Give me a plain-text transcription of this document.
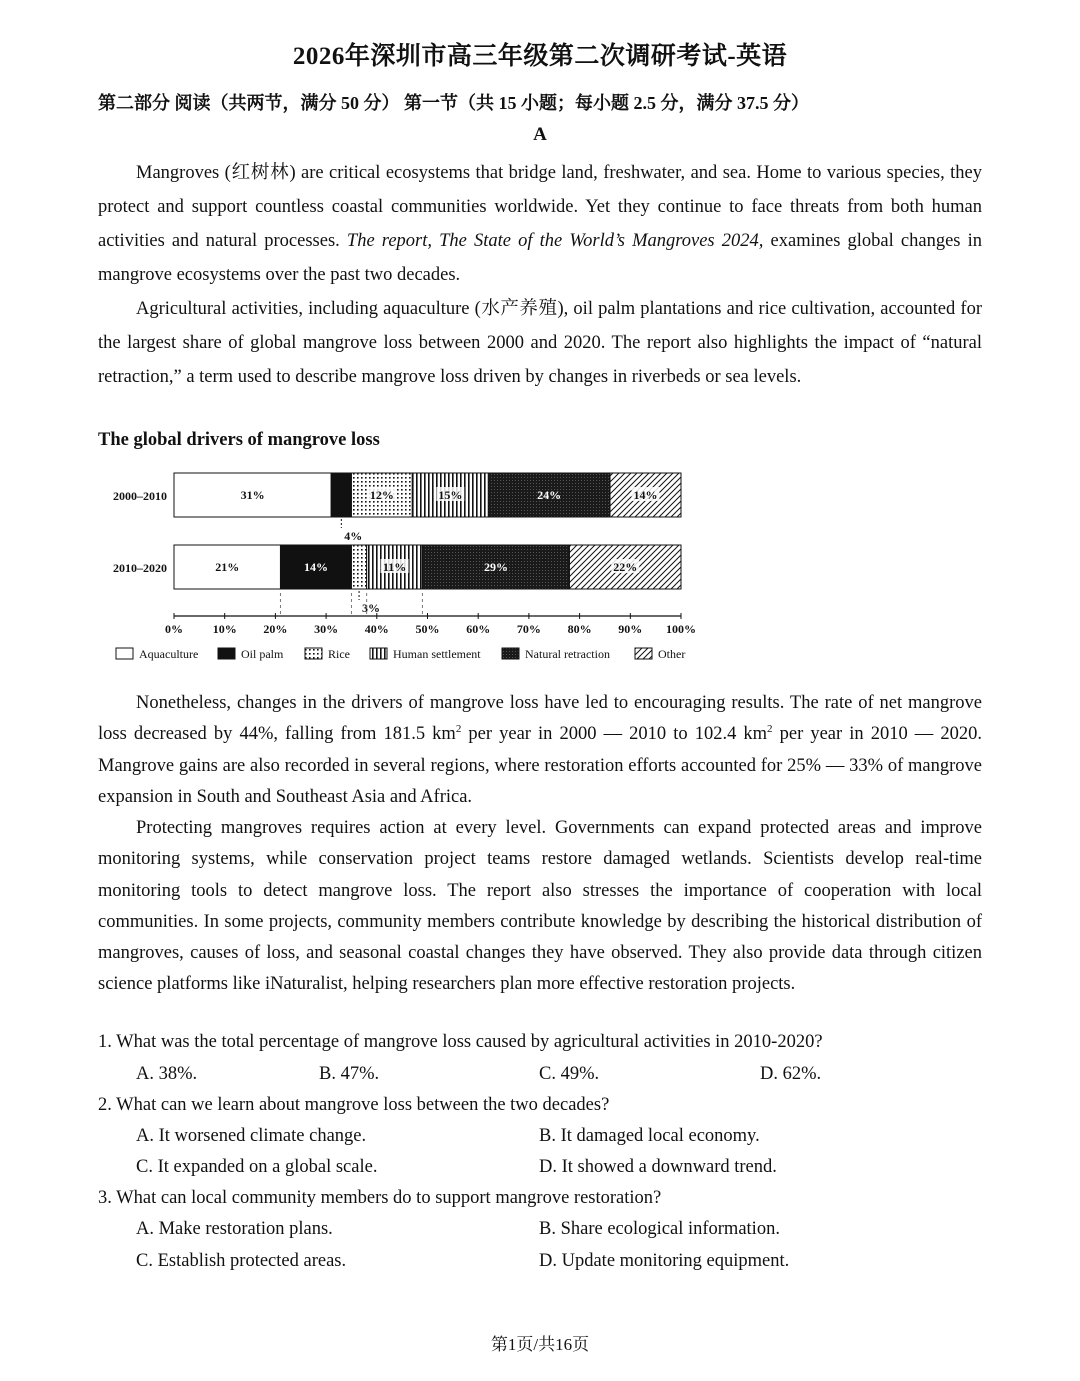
2026年深圳市高三年级第二次调研考试-英语
第二部分 阅读（共两节，满分 50 分） 第一节（共 15 小题；每小题 2.5 分，满分 37.5 分）
A

Mangroves (红树林) are critical ecosystems that bridge land, freshwater, and sea. Home to various species, they protect and support countless coastal communities worldwide. Yet they continue to face threats from both human activities and natural processes. The report, The State of the World’s Mangroves 2024, examines global changes in mangrove ecosystems over the past two decades.

Agricultural activities, including aquaculture (水产养殖), oil palm plantations and rice cultivation, accounted for the largest share of global mangrove loss between 2000 and 2020. The report also highlights the impact of “natural retraction,” a term used to describe mangrove loss driven by changes in riverbeds or sea levels.

The global drivers of mangrove loss
2000–2010	31%
4%
12%	15%	24%	14%
2010–2020	21%	14%
3%
11%	29%	22%
0% 10% 20% 30% 40% 50% 60% 70% 80% 90% 100%
Aquaculture	Oil palm	Rice	Human settlement	Natural retraction	Other

Nonetheless, changes in the drivers of mangrove loss have led to encouraging results. The rate of net mangrove loss decreased by 44%, falling from 181.5 $km^2$ per year in 2000 — 2010 to 102.4 $km^2$ per year in 2010 — 2020. Mangrove gains are also recorded in several regions, where restoration efforts accounted for 25% — 33% of mangrove expansion in South and Southeast Asia and Africa.

Protecting mangroves requires action at every level. Governments can expand protected areas and improve monitoring systems, while conservation project teams restore damaged wetlands. Scientists develop real-time monitoring tools to detect mangrove loss. The report also stresses the importance of cooperation with local communities. In some projects, community members contribute knowledge by describing the historical distribution of mangroves, causes of loss, and seasonal coastal changes they have observed. They also provide data through citizen science platforms like iNaturalist, helping researchers plan more effective restoration projects.

1. What was the total percentage of mangrove loss caused by agricultural activities in 2010-2020?
A. 38%.	B. 47%.	C. 49%.	D. 62%.
2. What can we learn about mangrove loss between the two decades?
A. It worsened climate change.	B. It damaged local economy.
C. It expanded on a global scale.	D. It showed a downward trend.
3. What can local community members do to support mangrove restoration?
A. Make restoration plans.	B. Share ecological information.
C. Establish protected areas.	D. Update monitoring equipment.
第1页/共16页
